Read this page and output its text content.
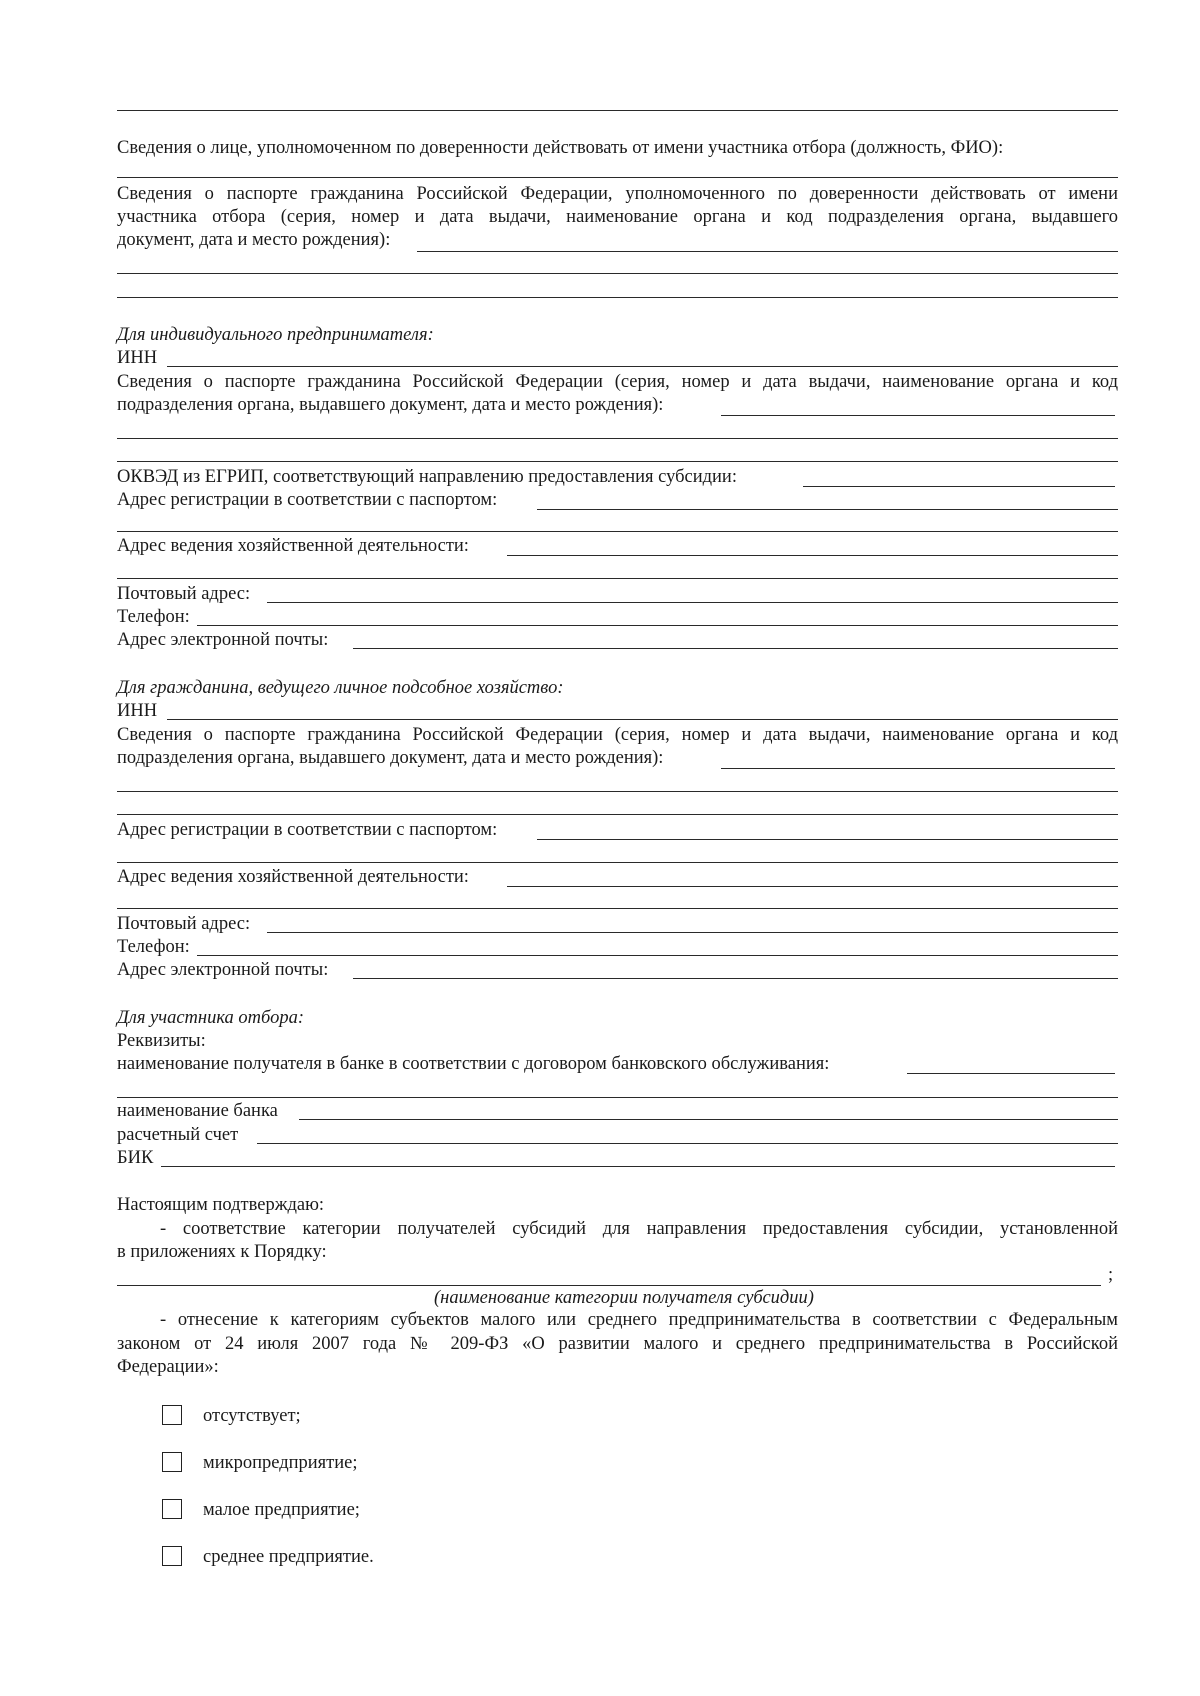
Сведения о лице, уполномоченном по доверенности действовать от имени участника отбора (должность, ФИО):
Сведения о паспорте гражданина Российской Федерации, уполномоченного по доверенности действовать от имени
участника отбора (серия, номер и дата выдачи, наименование органа и код подразделения органа, выдавшего
документ, дата и место рождения):
Для индивидуального предпринимателя:
ИНН
Сведения о паспорте гражданина Российской Федерации (серия, номер и дата выдачи, наименование органа и код
подразделения органа, выдавшего документ, дата и место рождения):
ОКВЭД из ЕГРИП, соответствующий направлению предоставления субсидии:
Адрес регистрации в соответствии с паспортом:
Адрес ведения хозяйственной деятельности:
Почтовый адрес:
Телефон:
Адрес электронной почты:
Для гражданина, ведущего личное подсобное хозяйство:
ИНН
Сведения о паспорте гражданина Российской Федерации (серия, номер и дата выдачи, наименование органа и код
подразделения органа, выдавшего документ, дата и место рождения):
Адрес регистрации в соответствии с паспортом:
Адрес ведения хозяйственной деятельности:
Почтовый адрес:
Телефон:
Адрес электронной почты:
Для участника отбора:
Реквизиты:
наименование получателя в банке в соответствии с договором банковского обслуживания:
наименование банка
расчетный счет
БИК
Настоящим подтверждаю:
- соответствие категории получателей субсидий для направления предоставления субсидии, установленной
в приложениях к Порядку:
;
(наименование категории получателя субсидии)
- отнесение к категориям субъектов малого или среднего предпринимательства в соответствии с Федеральным
законом от 24 июля 2007 года № 209-ФЗ «О развитии малого и среднего предпринимательства в Российской
Федерации»:
отсутствует;
микропредприятие;
малое предприятие;
среднее предприятие.
